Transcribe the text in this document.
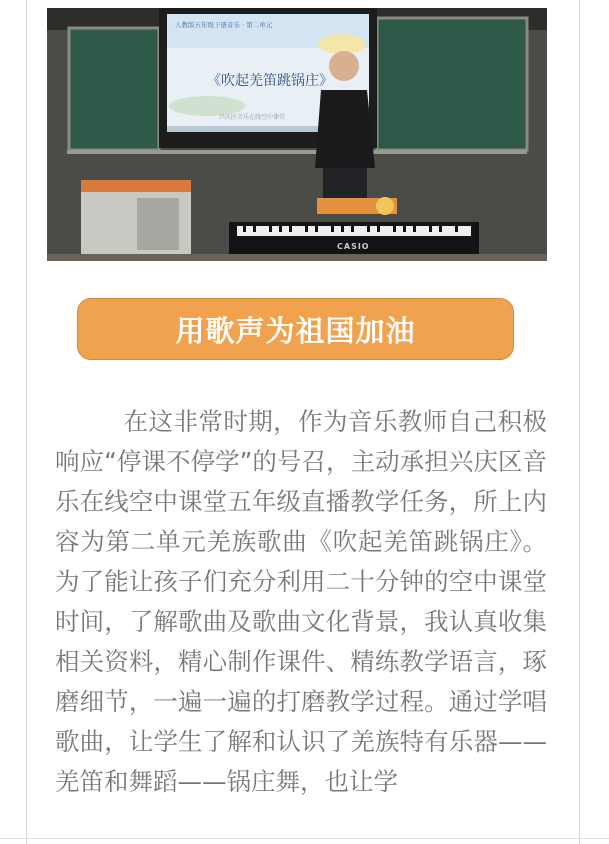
人教版五年级下册音乐 · 第二单元
《吹起羌笛跳锅庄》
兴庆区音乐在线空中课堂
CASIO
用歌声为祖国加油

在这非常时期，作为音乐教师自己积极响应“停课不停学”的号召，主动承担兴庆区音乐在线空中课堂五年级直播教学任务，所上内容为第二单元羌族歌曲《吹起羌笛跳锅庄》。为了能让孩子们充分利用二十分钟的空中课堂时间，了解歌曲及歌曲文化背景，我认真收集相关资料，精心制作课件、精练教学语言，琢磨细节，一遍一遍的打磨教学过程。通过学唱歌曲，让学生了解和认识了羌族特有乐器——羌笛和舞蹈——锅庄舞，也让学
